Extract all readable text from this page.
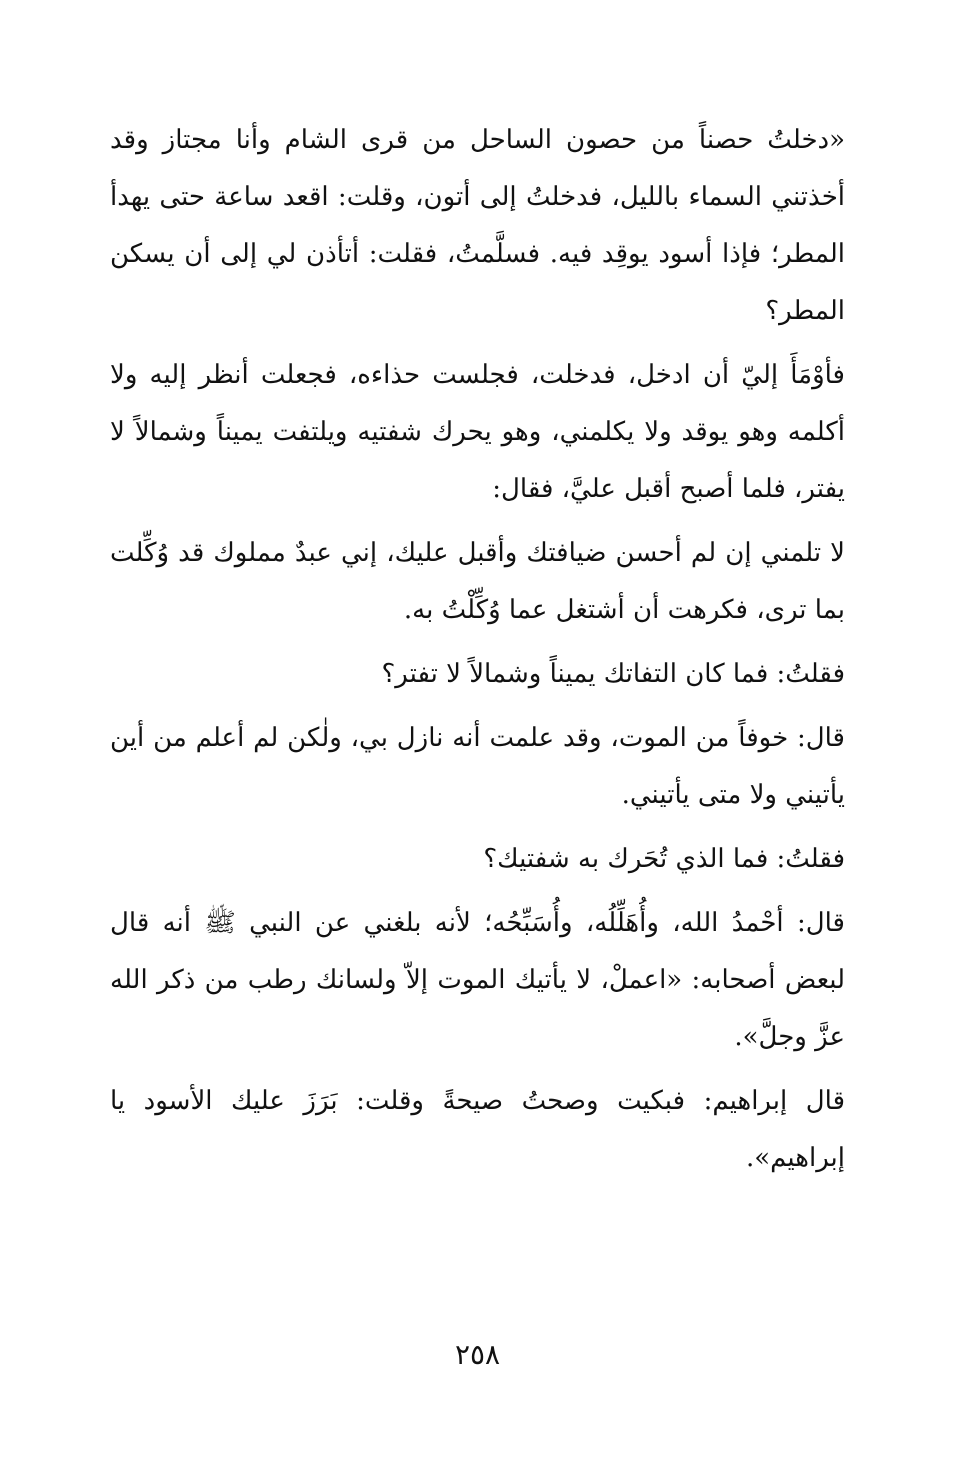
«دخلتُ حصناً من حصون الساحل من قرى الشام وأنا مجتاز وقد أخذتني السماء بالليل، فدخلتُ إلى أتون، وقلت: اقعد ساعة حتى يهدأ المطر؛ فإذا أسود يوقِد فيه. فسلَّمتُ، فقلت: أتأذن لي إلى أن يسكن المطر؟

فأوْمَأَ إليّ أن ادخل، فدخلت، فجلست حذاءه، فجعلت أنظر إليه ولا أكلمه وهو يوقد ولا يكلمني، وهو يحرك شفتيه ويلتفت يميناً وشمالاً لا يفتر، فلما أصبح أقبل عليَّ، فقال:

لا تلمني إن لم أحسن ضيافتك وأقبل عليك، إني عبدٌ مملوك قد وُكِّلت بما ترى، فكرهت أن أشتغل عما وُكِّلْتُ به.

فقلتُ: فما كان التفاتك يميناً وشمالاً لا تفتر؟

قال: خوفاً من الموت، وقد علمت أنه نازل بي، ولٰكن لم أعلم من أين يأتيني ولا متى يأتيني.

فقلتُ: فما الذي تُحَرك به شفتيك؟

قال: أحْمدُ الله، وأُهَلِّلُه، وأُسَبِّحُه؛ لأنه بلغني عن النبي ﷺ أنه قال لبعض أصحابه: «اعملْ، لا يأتيك الموت إلاّ ولسانك رطب من ذكر الله عزَّ وجلَّ».

قال إبراهيم: فبكيت وصحتُ صيحةً وقلت: بَرَزَ عليك الأسود يا إبراهيم».

٢٥٨
